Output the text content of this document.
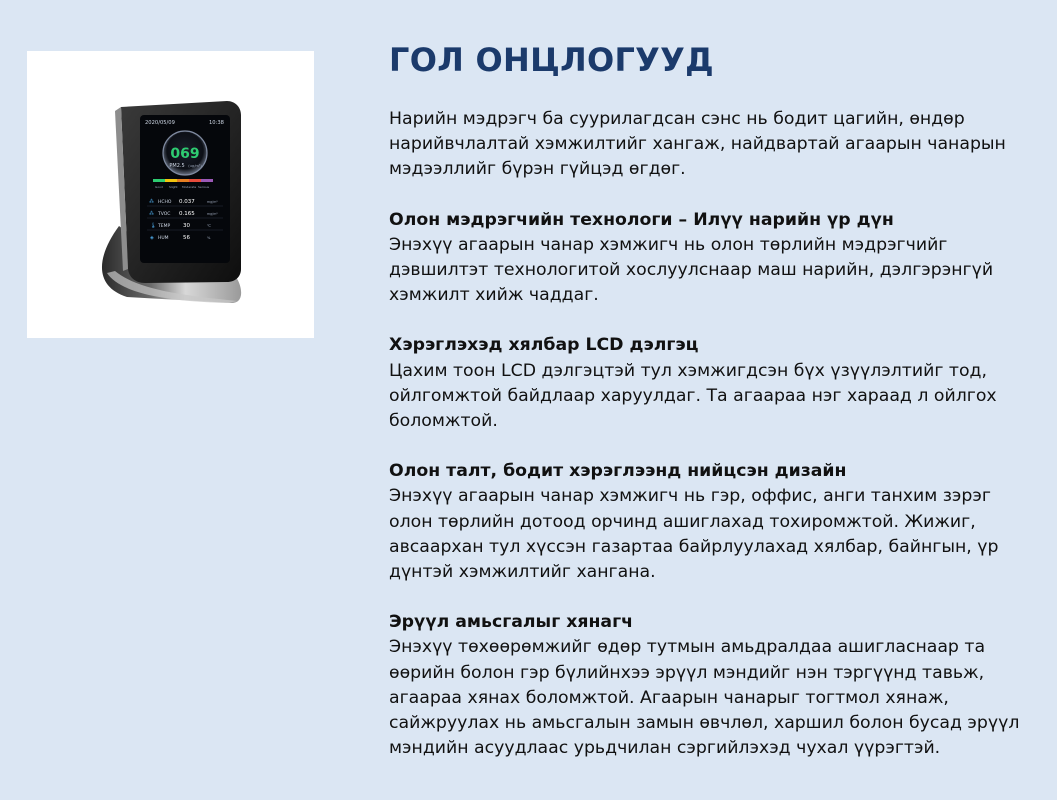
2020/05/09	10:38
069
PM2.5 (ug/m³)
Good Slight Moderate Serious
⁂ HCHO 0.037	mg/m³
⁂ TVOC 0.165	mg/m³
🌡 TEMP 30	℃
◈ HUM	56	%
ГОЛ ОНЦЛОГУУД

Нарийн мэдрэгч ба суурилагдсан сэнс нь бодит цагийн, өндөр нарийвчлалтай хэмжилтийг хангаж, найдвартай агаарын чанарын мэдээллийг бүрэн гүйцэд өгдөг.

Олон мэдрэгчийн технологи – Илүү нарийн үр дүн

Энэхүү агаарын чанар хэмжигч нь олон төрлийн мэдрэгчийг дэвшилтэт технологитой хослуулснаар маш нарийн, дэлгэрэнгүй хэмжилт хийж чаддаг.

Хэрэглэхэд хялбар LCD дэлгэц

Цахим тоон LCD дэлгэцтэй тул хэмжигдсэн бүх үзүүлэлтийг тод, ойлгомжтой байдлаар харуулдаг. Та агаараа нэг хараад л ойлгох боломжтой.

Олон талт, бодит хэрэглээнд нийцсэн дизайн

Энэхүү агаарын чанар хэмжигч нь гэр, оффис, анги танхим зэрэг олон төрлийн дотоод орчинд ашиглахад тохиромжтой. Жижиг, авсаархан тул хүссэн газартаа байрлуулахад хялбар, байнгын, үр дүнтэй хэмжилтийг хангана.

Эрүүл амьсгалыг хянагч

Энэхүү төхөөрөмжийг өдөр тутмын амьдралдаа ашигласнаар та өөрийн болон гэр бүлийнхээ эрүүл мэндийг нэн тэргүүнд тавьж, агаараа хянах боломжтой. Агаарын чанарыг тогтмол хянаж, сайжруулах нь амьсгалын замын өвчлөл, харшил болон бусад эрүүл мэндийн асуудлаас урьдчилан сэргийлэхэд чухал үүрэгтэй.
